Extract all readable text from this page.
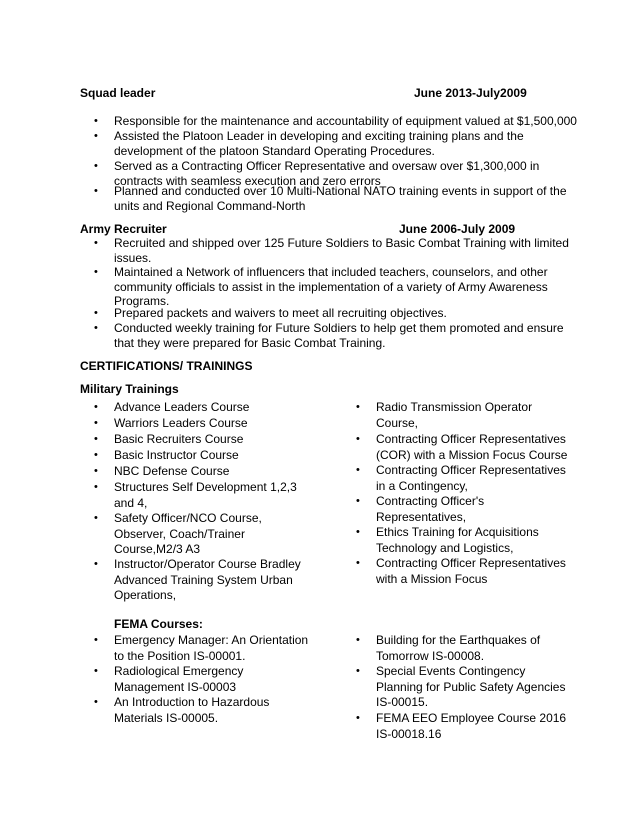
Squad leader	June 2013-July2009
• Responsible for the maintenance and accountability of equipment valued at $1,500,000
• Assisted the Platoon Leader in developing and exciting training plans and the
development of the platoon Standard Operating Procedures.
• Served as a Contracting Officer Representative and oversaw over $1,300,000 in
contracts with seamless execution and zero errors
• Planned and conducted over 10 Multi-National NATO training events in support of the
units and Regional Command-North
Army Recruiter	June 2006-July 2009
• Recruited and shipped over 125 Future Soldiers to Basic Combat Training with limited
issues.
• Maintained a Network of influencers that included teachers, counselors, and other
community officials to assist in the implementation of a variety of Army Awareness
Programs.
• Prepared packets and waivers to meet all recruiting objectives.
• Conducted weekly training for Future Soldiers to help get them promoted and ensure
that they were prepared for Basic Combat Training.
CERTIFICATIONS/ TRAININGS
Military Trainings
• Advance Leaders Course
• Warriors Leaders Course
• Basic Recruiters Course
• Basic Instructor Course
• NBC Defense Course
• Structures Self Development 1,2,3
and 4,
• Safety Officer/NCO Course,
Observer, Coach/Trainer
Course,M2/3 A3
• Instructor/Operator Course Bradley
Advanced Training System Urban
Operations,
• Radio Transmission Operator
Course,
• Contracting Officer Representatives
(COR) with a Mission Focus Course
• Contracting Officer Representatives
in a Contingency,
• Contracting Officer's
Representatives,
• Ethics Training for Acquisitions
Technology and Logistics,
• Contracting Officer Representatives
with a Mission Focus
FEMA Courses:
• Emergency Manager: An Orientation
to the Position IS-00001.
• Radiological Emergency
Management IS-00003
• An Introduction to Hazardous
Materials IS-00005.
• Building for the Earthquakes of
Tomorrow IS-00008.
• Special Events Contingency
Planning for Public Safety Agencies
IS-00015.
• FEMA EEO Employee Course 2016
IS-00018.16
